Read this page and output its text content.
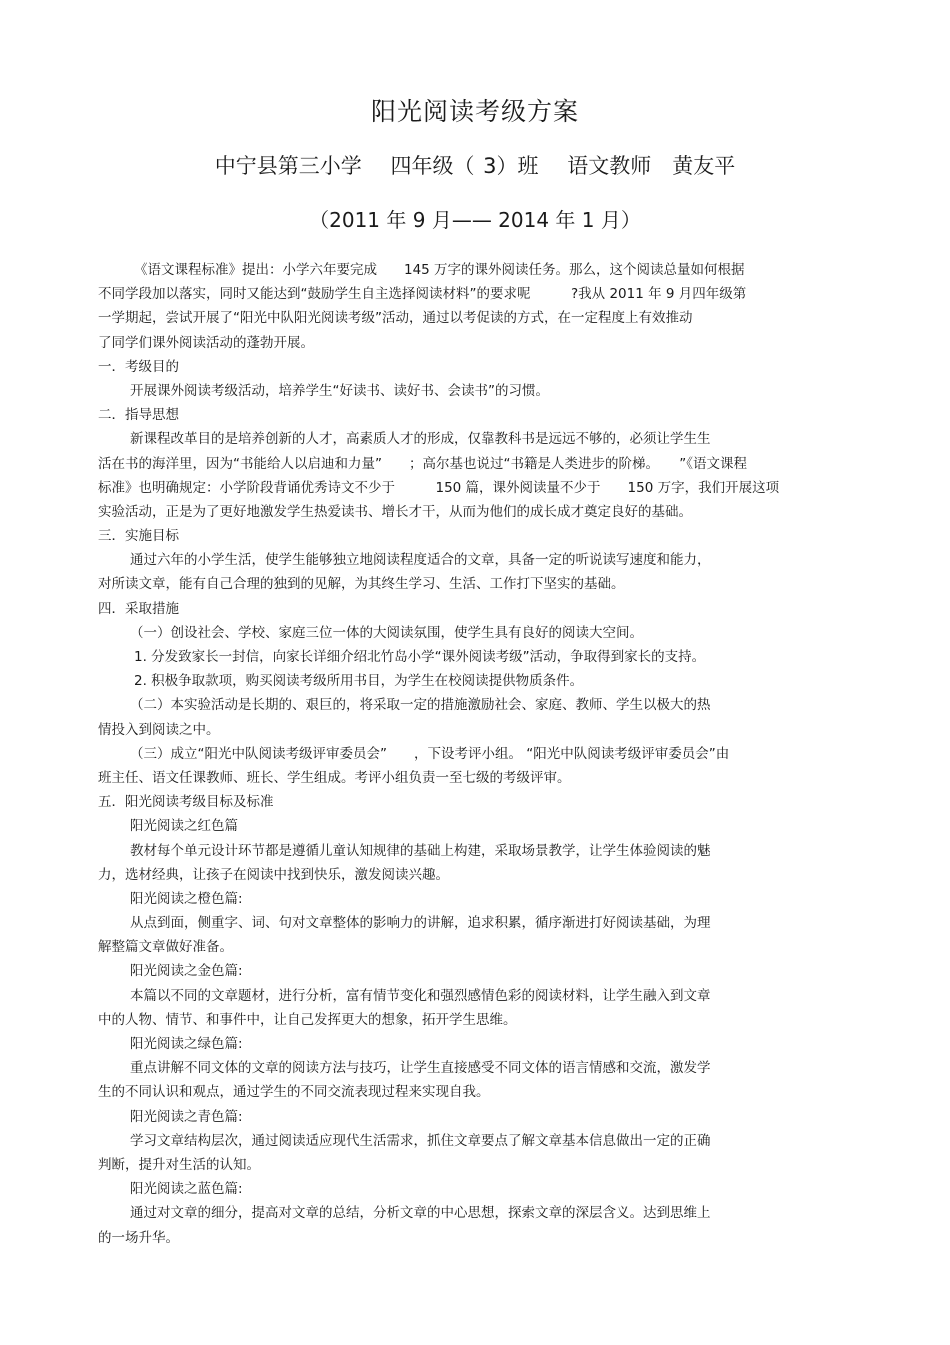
阳光阅读考级方案
中宁县第三小学 四年级（ 3）班 语文教师　黄友平
（2011 年 9 月—— 2014 年 1 月）
《语文课程标准》提出：小学六年要完成　　145 万字的课外阅读任务。那么，这个阅读总量如何根据
不同学段加以落实，同时又能达到“鼓励学生自主选择阅读材料”的要求呢　　　?我从 2011 年 9 月四年级第
一学期起，尝试开展了“阳光中队阳光阅读考级”活动，通过以考促读的方式，在一定程度上有效推动
了同学们课外阅读活动的蓬勃开展。
一．考级目的
开展课外阅读考级活动，培养学生“好读书、读好书、会读书”的习惯。
二．指导思想
新课程改革目的是培养创新的人才，高素质人才的形成，仅靠教科书是远远不够的，必须让学生生
活在书的海洋里，因为“书能给人以启迪和力量”　　；高尔基也说过“书籍是人类进步的阶梯。　　”《语文课程
标准》也明确规定：小学阶段背诵优秀诗文不少于　　　150 篇，课外阅读量不少于　　150 万字，我们开展这项
实验活动，正是为了更好地激发学生热爱读书、增长才干，从而为他们的成长成才奠定良好的基础。
三．实施目标
通过六年的小学生活，使学生能够独立地阅读程度适合的文章，具备一定的听说读写速度和能力，
对所读文章，能有自己合理的独到的见解，为其终生学习、生活、工作打下坚实的基础。
四．采取措施
（一）创设社会、学校、家庭三位一体的大阅读氛围，使学生具有良好的阅读大空间。
1. 分发致家长一封信，向家长详细介绍北竹岛小学“课外阅读考级”活动，争取得到家长的支持。
2. 积极争取款项，购买阅读考级所用书目，为学生在校阅读提供物质条件。
（二）本实验活动是长期的、艰巨的，将采取一定的措施激励社会、家庭、教师、学生以极大的热
情投入到阅读之中。
（三）成立“阳光中队阅读考级评审委员会”　　，下设考评小组。 “阳光中队阅读考级评审委员会”由
班主任、语文任课教师、班长、学生组成。考评小组负责一至七级的考级评审。
五．阳光阅读考级目标及标准
阳光阅读之红色篇
教材每个单元设计环节都是遵循儿童认知规律的基础上构建，采取场景教学，让学生体验阅读的魅
力，选材经典，让孩子在阅读中找到快乐，激发阅读兴趣。
阳光阅读之橙色篇:
从点到面，侧重字、词、句对文章整体的影响力的讲解，追求积累，循序渐进打好阅读基础，为理
解整篇文章做好准备。
阳光阅读之金色篇:
本篇以不同的文章题材，进行分析，富有情节变化和强烈感情色彩的阅读材料，让学生融入到文章
中的人物、情节、和事件中，让自己发挥更大的想象，拓开学生思维。
阳光阅读之绿色篇:
重点讲解不同文体的文章的阅读方法与技巧，让学生直接感受不同文体的语言情感和交流，激发学
生的不同认识和观点，通过学生的不同交流表现过程来实现自我。
阳光阅读之青色篇:
学习文章结构层次，通过阅读适应现代生活需求，抓住文章要点了解文章基本信息做出一定的正确
判断，提升对生活的认知。
阳光阅读之蓝色篇:
通过对文章的细分，提高对文章的总结，分析文章的中心思想，探索文章的深层含义。达到思维上
的一场升华。
